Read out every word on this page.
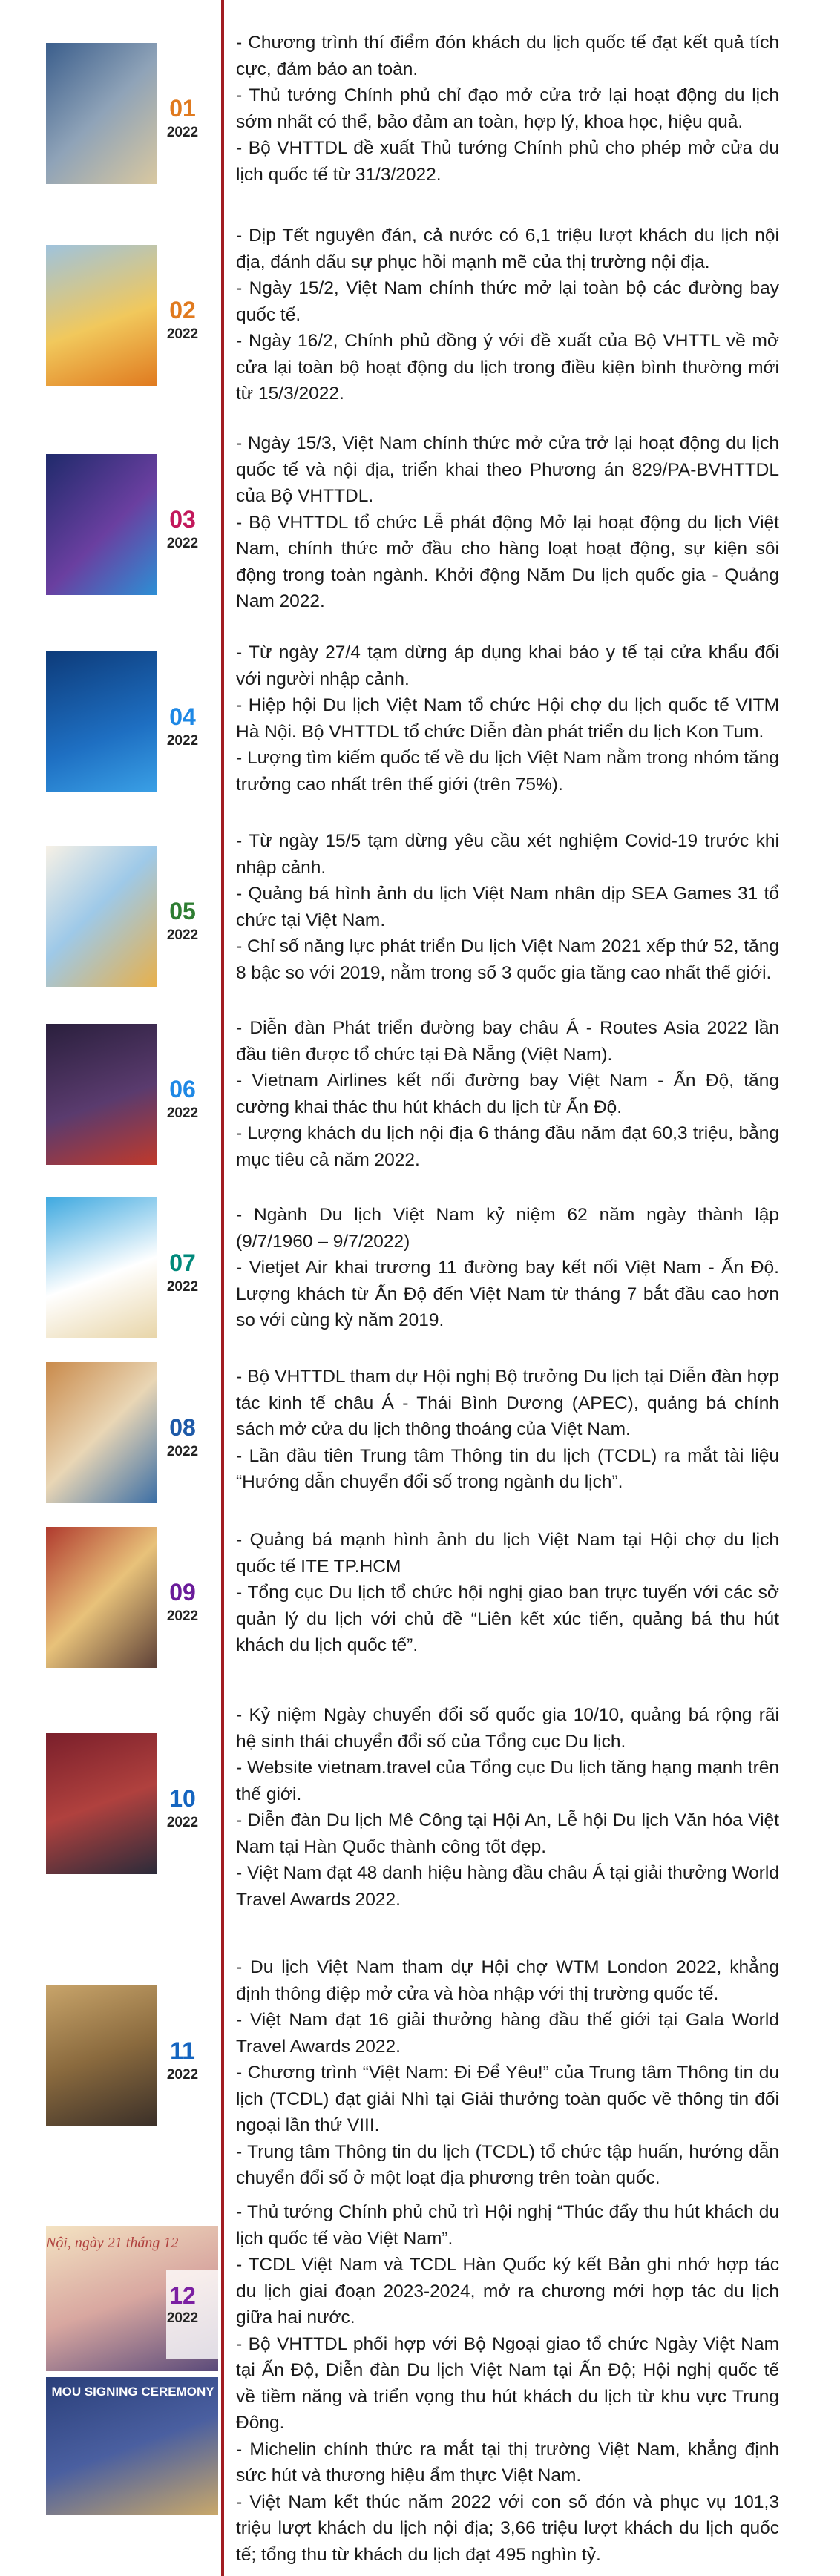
01
2022

- Chương trình thí điểm đón khách du lịch quốc tế đạt kết quả tích cực, đảm bảo an toàn.

- Thủ tướng Chính phủ chỉ đạo mở cửa trở lại hoạt động du lịch sớm nhất có thể, bảo đảm an toàn, hợp lý, khoa học, hiệu quả.

- Bộ VHTTDL đề xuất Thủ tướng Chính phủ cho phép mở cửa du lịch quốc tế từ 31/3/2022.

02
2022

- Dịp Tết nguyên đán, cả nước có 6,1 triệu lượt khách du lịch nội địa, đánh dấu sự phục hồi mạnh mẽ của thị trường nội địa.

- Ngày 15/2, Việt Nam chính thức mở lại toàn bộ các đường bay quốc tế.

- Ngày 16/2, Chính phủ đồng ý với đề xuất của Bộ VHTTL về mở cửa lại toàn bộ hoạt động du lịch trong điều kiện bình thường mới từ 15/3/2022.

03
2022

- Ngày 15/3, Việt Nam chính thức mở cửa trở lại hoạt động du lịch quốc tế và nội địa, triển khai theo Phương án 829/PA-BVHTTDL của Bộ VHTTDL.

- Bộ VHTTDL tổ chức Lễ phát động Mở lại hoạt động du lịch Việt Nam, chính thức mở đầu cho hàng loạt hoạt động, sự kiện sôi động trong toàn ngành. Khởi động Năm Du lịch quốc gia - Quảng Nam 2022.

04
2022

- Từ ngày 27/4 tạm dừng áp dụng khai báo y tế tại cửa khẩu đối với người nhập cảnh.

- Hiệp hội Du lịch Việt Nam tổ chức Hội chợ du lịch quốc tế VITM Hà Nội. Bộ VHTTDL tổ chức Diễn đàn phát triển du lịch Kon Tum.

- Lượng tìm kiếm quốc tế về du lịch Việt Nam nằm trong nhóm tăng trưởng cao nhất trên thế giới (trên 75%).

05
2022

- Từ ngày 15/5 tạm dừng yêu cầu xét nghiệm Covid-19 trước khi nhập cảnh.

- Quảng bá hình ảnh du lịch Việt Nam nhân dịp SEA Games 31 tổ chức tại Việt Nam.

- Chỉ số năng lực phát triển Du lịch Việt Nam 2021 xếp thứ 52, tăng 8 bậc so với 2019, nằm trong số 3 quốc gia tăng cao nhất thế giới.

06
2022

- Diễn đàn Phát triển đường bay châu Á - Routes Asia 2022 lần đầu tiên được tổ chức tại Đà Nẵng (Việt Nam).

- Vietnam Airlines kết nối đường bay Việt Nam - Ấn Độ, tăng cường khai thác thu hút khách du lịch từ Ấn Độ.

- Lượng khách du lịch nội địa 6 tháng đầu năm đạt 60,3 triệu, bằng mục tiêu cả năm 2022.

07
2022

- Ngành Du lịch Việt Nam kỷ niệm 62 năm ngày thành lập (9/7/1960 – 9/7/2022)

- Vietjet Air khai trương 11 đường bay kết nối Việt Nam - Ấn Độ. Lượng khách từ Ấn Độ đến Việt Nam từ tháng 7 bắt đầu cao hơn so với cùng kỳ năm 2019.

08
2022

- Bộ VHTTDL tham dự Hội nghị Bộ trưởng Du lịch tại Diễn đàn hợp tác kinh tế châu Á - Thái Bình Dương (APEC), quảng bá chính sách mở cửa du lịch thông thoáng của Việt Nam.

- Lần đầu tiên Trung tâm Thông tin du lịch (TCDL) ra mắt tài liệu “Hướng dẫn chuyển đổi số trong ngành du lịch”.

09
2022

- Quảng bá mạnh hình ảnh du lịch Việt Nam tại Hội chợ du lịch quốc tế ITE TP.HCM

- Tổng cục Du lịch tổ chức hội nghị giao ban trực tuyến với các sở quản lý du lịch với chủ đề “Liên kết xúc tiến, quảng bá thu hút khách du lịch quốc tế”.

10
2022

- Kỷ niệm Ngày chuyển đổi số quốc gia 10/10, quảng bá rộng rãi hệ sinh thái chuyển đổi số của Tổng cục Du lịch.

- Website vietnam.travel của Tổng cục Du lịch tăng hạng mạnh trên thế giới.

- Diễn đàn Du lịch Mê Công tại Hội An, Lễ hội Du lịch Văn hóa Việt Nam tại Hàn Quốc thành công tốt đẹp.

- Việt Nam đạt 48 danh hiệu hàng đầu châu Á tại giải thưởng World Travel Awards 2022.

11
2022

- Du lịch Việt Nam tham dự Hội chợ WTM London 2022, khẳng định thông điệp mở cửa và hòa nhập với thị trường quốc tế.

- Việt Nam đạt 16 giải thưởng hàng đầu thế giới tại Gala World Travel Awards 2022.

- Chương trình “Việt Nam: Đi Để Yêu!” của Trung tâm Thông tin du lịch (TCDL) đạt giải Nhì tại Giải thưởng toàn quốc về thông tin đối ngoại lần thứ VIII.

- Trung tâm Thông tin du lịch (TCDL) tổ chức tập huấn, hướng dẫn chuyển đổi số ở một loạt địa phương trên toàn quốc.

Nội, ngày 21 tháng 12
12
2022
MOU SIGNING CEREMONY

- Thủ tướng Chính phủ chủ trì Hội nghị “Thúc đẩy thu hút khách du lịch quốc tế vào Việt Nam”.

- TCDL Việt Nam và TCDL Hàn Quốc ký kết Bản ghi nhớ hợp tác du lịch giai đoạn 2023-2024, mở ra chương mới hợp tác du lịch giữa hai nước.

- Bộ VHTTDL phối hợp với Bộ Ngoại giao tổ chức Ngày Việt Nam tại Ấn Độ, Diễn đàn Du lịch Việt Nam tại Ấn Độ; Hội nghị quốc tế về tiềm năng và triển vọng thu hút khách du lịch từ khu vực Trung Đông.

- Michelin chính thức ra mắt tại thị trường Việt Nam, khẳng định sức hút và thương hiệu ẩm thực Việt Nam.

- Việt Nam kết thúc năm 2022 với con số đón và phục vụ 101,3 triệu lượt khách du lịch nội địa; 3,66 triệu lượt khách du lịch quốc tế; tổng thu từ khách du lịch đạt 495 nghìn tỷ.
